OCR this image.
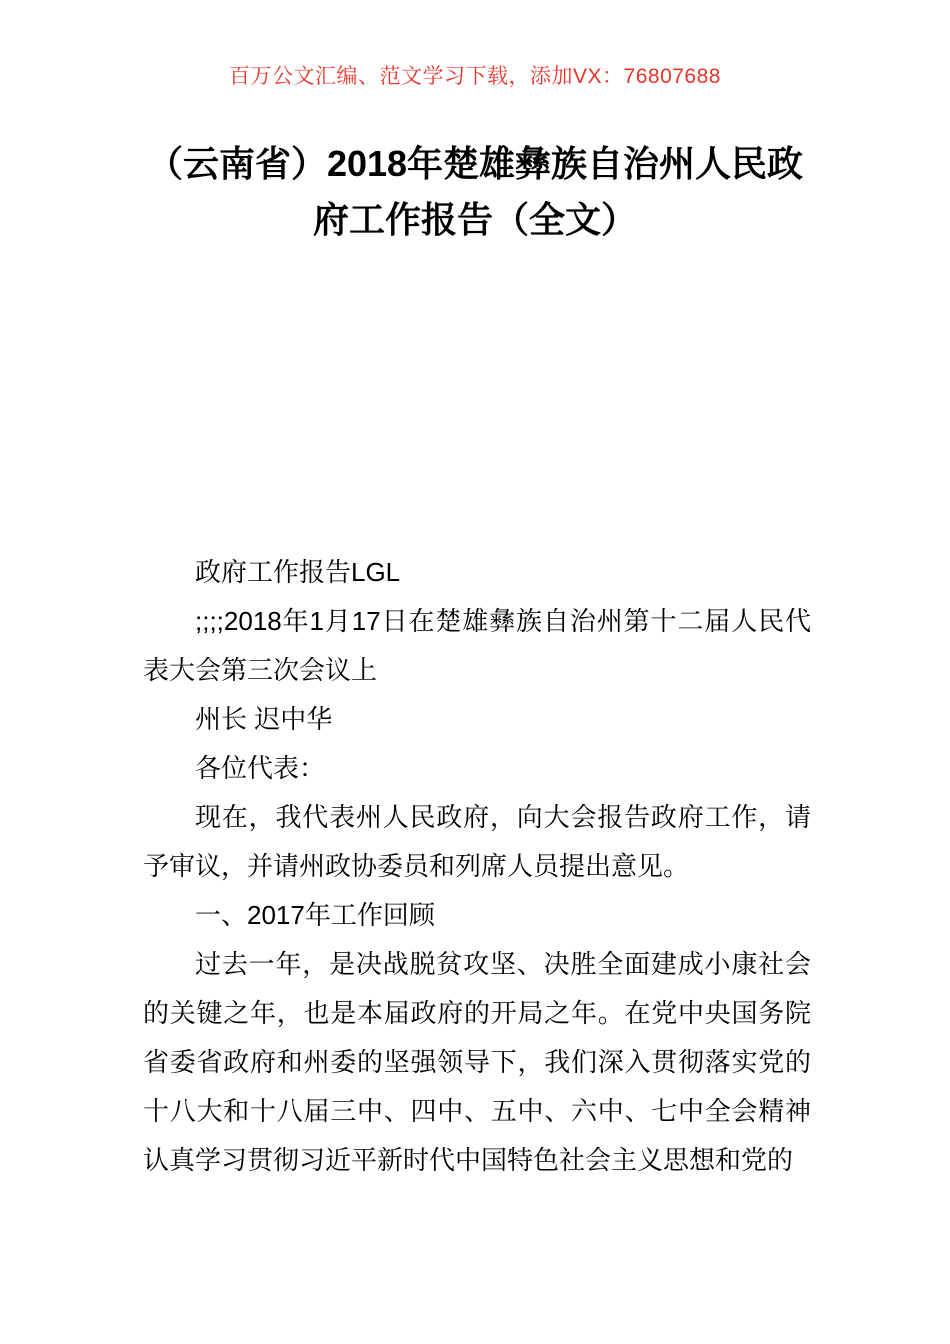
百万公文汇编、范文学习下载，添加VX：76807688

（云南省）2018年楚雄彝族自治州人民政府工作报告（全文）

政府工作报告LGL

;;;;2018年1月17日在楚雄彝族自治州第十二届人民代表大会第三次会议上

州长 迟中华

各位代表：

现在，我代表州人民政府，向大会报告政府工作，请予审议，并请州政协委员和列席人员提出意见。

一、2017年工作回顾

过去一年，是决战脱贫攻坚、决胜全面建成小康社会的关键之年，也是本届政府的开局之年。在党中央国务院省委省政府和州委的坚强领导下，我们深入贯彻落实党的十八大和十八届三中、四中、五中、六中、七中全会精神认真学习贯彻习近平新时代中国特色社会主义思想和党的
